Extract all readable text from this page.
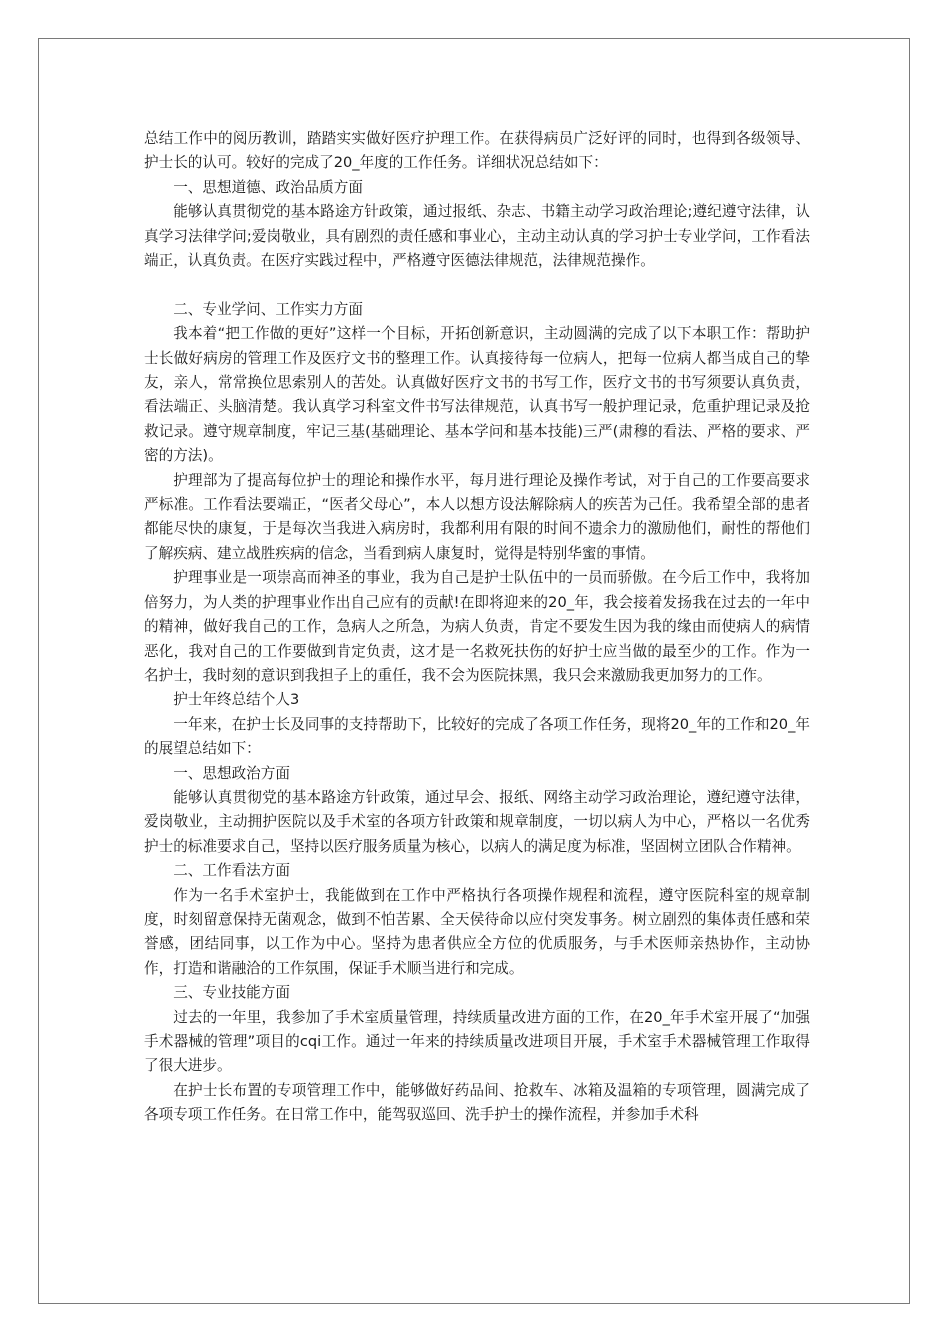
总结工作中的阅历教训，踏踏实实做好医疗护理工作。在获得病员广泛好评的同时，也得到各级领导、护士长的认可。较好的完成了20_年度的工作任务。详细状况总结如下：

一、思想道德、政治品质方面

能够认真贯彻党的基本路途方针政策，通过报纸、杂志、书籍主动学习政治理论;遵纪遵守法律，认真学习法律学问;爱岗敬业，具有剧烈的责任感和事业心，主动主动认真的学习护士专业学问，工作看法端正，认真负责。在医疗实践过程中，严格遵守医德法律规范，法律规范操作。

二、专业学问、工作实力方面

我本着“把工作做的更好”这样一个目标，开拓创新意识，主动圆满的完成了以下本职工作：帮助护士长做好病房的管理工作及医疗文书的整理工作。认真接待每一位病人，把每一位病人都当成自己的挚友，亲人，常常换位思索别人的苦处。认真做好医疗文书的书写工作，医疗文书的书写须要认真负责，看法端正、头脑清楚。我认真学习科室文件书写法律规范，认真书写一般护理记录，危重护理记录及抢救记录。遵守规章制度，牢记三基(基础理论、基本学问和基本技能)三严(肃穆的看法、严格的要求、严密的方法)。

护理部为了提高每位护士的理论和操作水平，每月进行理论及操作考试，对于自己的工作要高要求严标准。工作看法要端正，“医者父母心”，本人以想方设法解除病人的疾苦为己任。我希望全部的患者都能尽快的康复，于是每次当我进入病房时，我都利用有限的时间不遗余力的激励他们，耐性的帮他们了解疾病、建立战胜疾病的信念，当看到病人康复时，觉得是特别华蜜的事情。

护理事业是一项崇高而神圣的事业，我为自己是护士队伍中的一员而骄傲。在今后工作中，我将加倍努力，为人类的护理事业作出自己应有的贡献!在即将迎来的20_年，我会接着发扬我在过去的一年中的精神，做好我自己的工作，急病人之所急，为病人负责，肯定不要发生因为我的缘由而使病人的病情恶化，我对自己的工作要做到肯定负责，这才是一名救死扶伤的好护士应当做的最至少的工作。作为一名护士，我时刻的意识到我担子上的重任，我不会为医院抹黑，我只会来激励我更加努力的工作。

护士年终总结个人3

一年来，在护士长及同事的支持帮助下，比较好的完成了各项工作任务，现将20_年的工作和20_年的展望总结如下：

一、思想政治方面

能够认真贯彻党的基本路途方针政策，通过早会、报纸、网络主动学习政治理论，遵纪遵守法律，爱岗敬业，主动拥护医院以及手术室的各项方针政策和规章制度，一切以病人为中心，严格以一名优秀护士的标准要求自己，坚持以医疗服务质量为核心，以病人的满足度为标准，坚固树立团队合作精神。

二、工作看法方面

作为一名手术室护士，我能做到在工作中严格执行各项操作规程和流程，遵守医院科室的规章制度，时刻留意保持无菌观念，做到不怕苦累、全天侯待命以应付突发事务。树立剧烈的集体责任感和荣誉感，团结同事，以工作为中心。坚持为患者供应全方位的优质服务，与手术医师亲热协作，主动协作，打造和谐融洽的工作氛围，保证手术顺当进行和完成。

三、专业技能方面

过去的一年里，我参加了手术室质量管理，持续质量改进方面的工作，在20_年手术室开展了“加强手术器械的管理”项目的cqi工作。通过一年来的持续质量改进项目开展，手术室手术器械管理工作取得了很大进步。

在护士长布置的专项管理工作中，能够做好药品间、抢救车、冰箱及温箱的专项管理，圆满完成了各项专项工作任务。在日常工作中，能驾驭巡回、洗手护士的操作流程，并参加手术科
